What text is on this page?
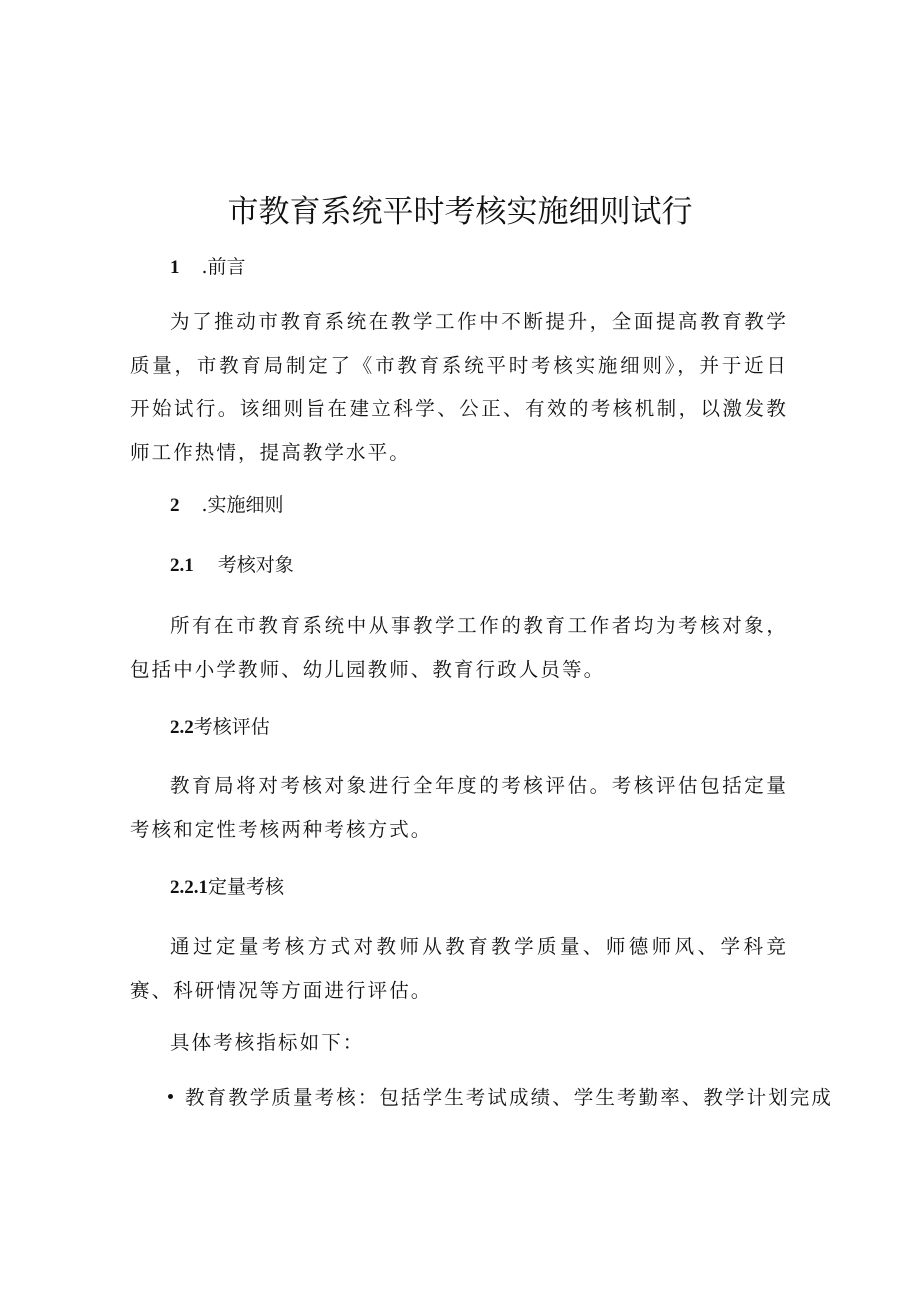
市教育系统平时考核实施细则试行
1 .前言

为了推动市教育系统在教学工作中不断提升，全面提高教育教学质量，市教育局制定了《市教育系统平时考核实施细则》，并于近日开始试行。该细则旨在建立科学、公正、有效的考核机制，以激发教师工作热情，提高教学水平。

2 .实施细则
2.1 考核对象

所有在市教育系统中从事教学工作的教育工作者均为考核对象，包括中小学教师、幼儿园教师、教育行政人员等。

2.2考核评估

教育局将对考核对象进行全年度的考核评估。考核评估包括定量考核和定性考核两种考核方式。

2.2.1定量考核

通过定量考核方式对教师从教育教学质量、师德师风、学科竞赛、科研情况等方面进行评估。

具体考核指标如下：

教育教学质量考核：包括学生考试成绩、学生考勤率、教学计划完成
